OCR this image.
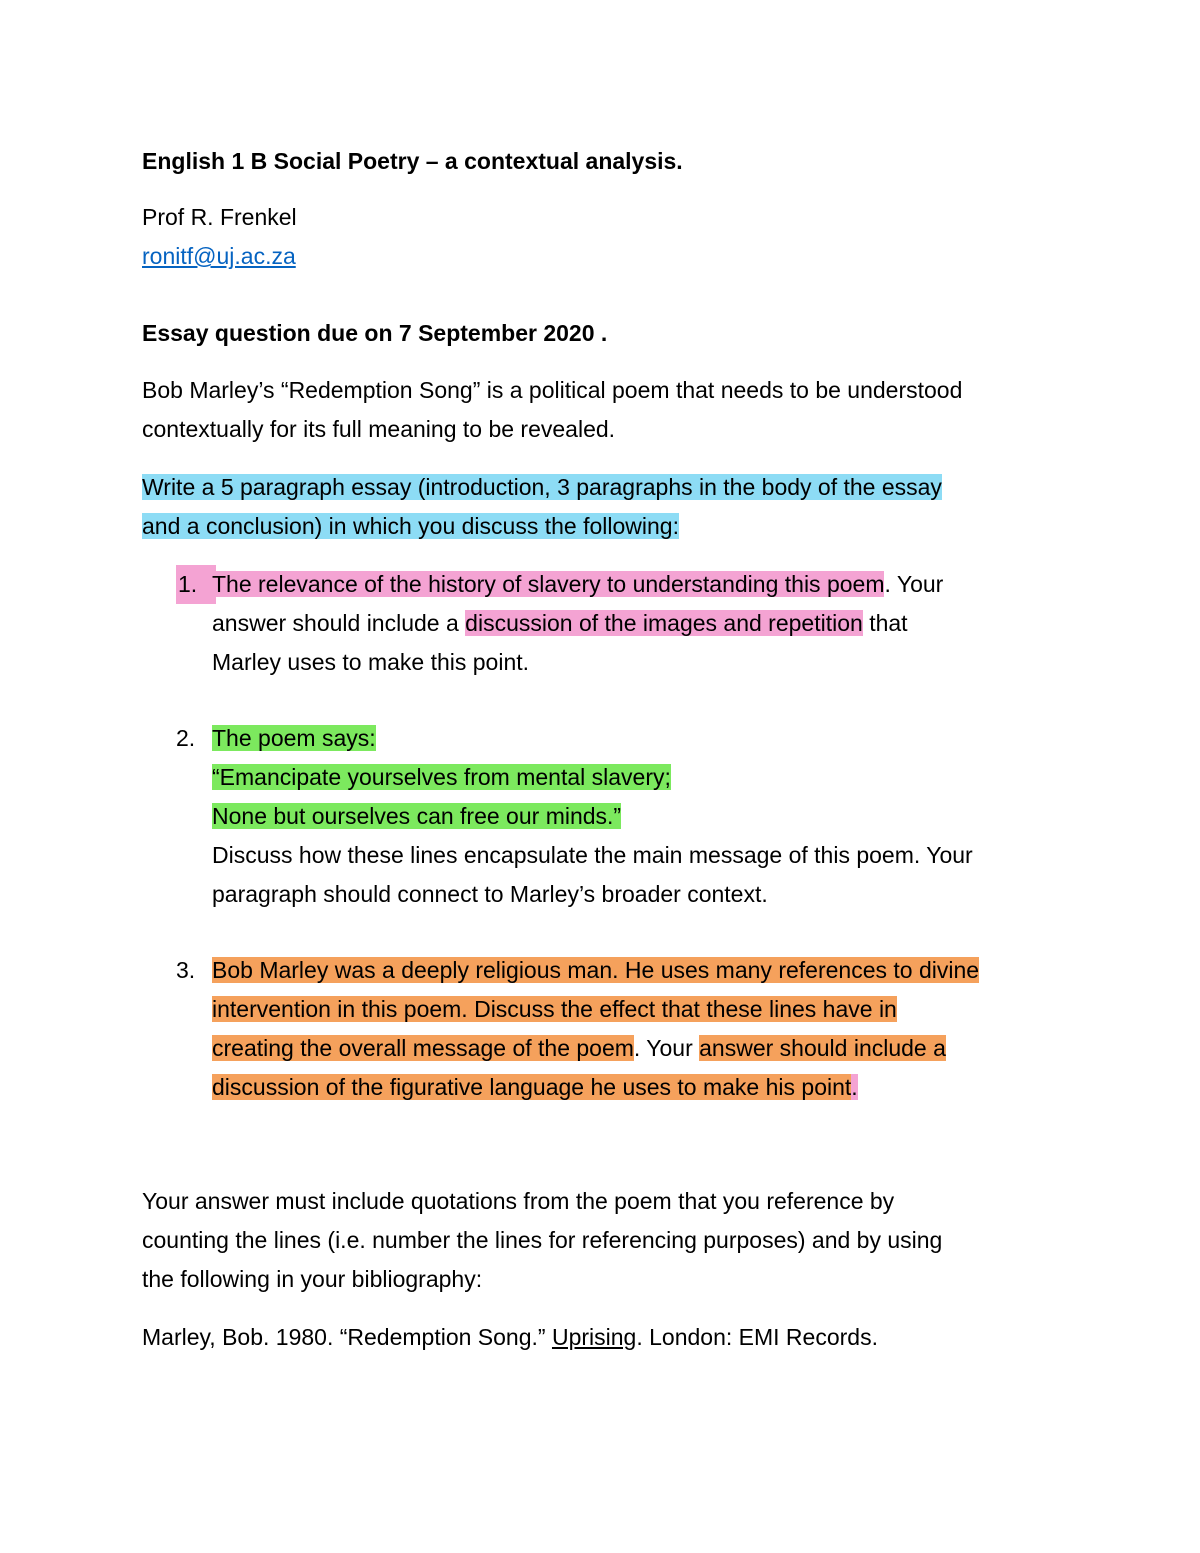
English 1 B Social Poetry – a contextual analysis.

Prof R. Frenkel

ronitf@uj.ac.za

Essay question due on 7 September 2020 .

Bob Marley’s “Redemption Song” is a political poem that needs to be understood
contextually for its full meaning to be revealed.
Write a 5 paragraph essay (introduction, 3 paragraphs in the body of the essay
and a conclusion) in which you discuss the following:
1. The relevance of the history of slavery to understanding this poem. Your
answer should include a discussion of the images and repetition that
Marley uses to make this point.
2. The poem says:
“Emancipate yourselves from mental slavery;
None but ourselves can free our minds.”
Discuss how these lines encapsulate the main message of this poem. Your
paragraph should connect to Marley’s broader context.
3. Bob Marley was a deeply religious man. He uses many references to divine
intervention in this poem. Discuss the effect that these lines have in
creating the overall message of the poem. Your answer should include a
discussion of the figurative language he uses to make his point.
Your answer must include quotations from the poem that you reference by
counting the lines (i.e. number the lines for referencing purposes) and by using
the following in your bibliography:

Marley, Bob. 1980. “Redemption Song.” Uprising. London: EMI Records.
